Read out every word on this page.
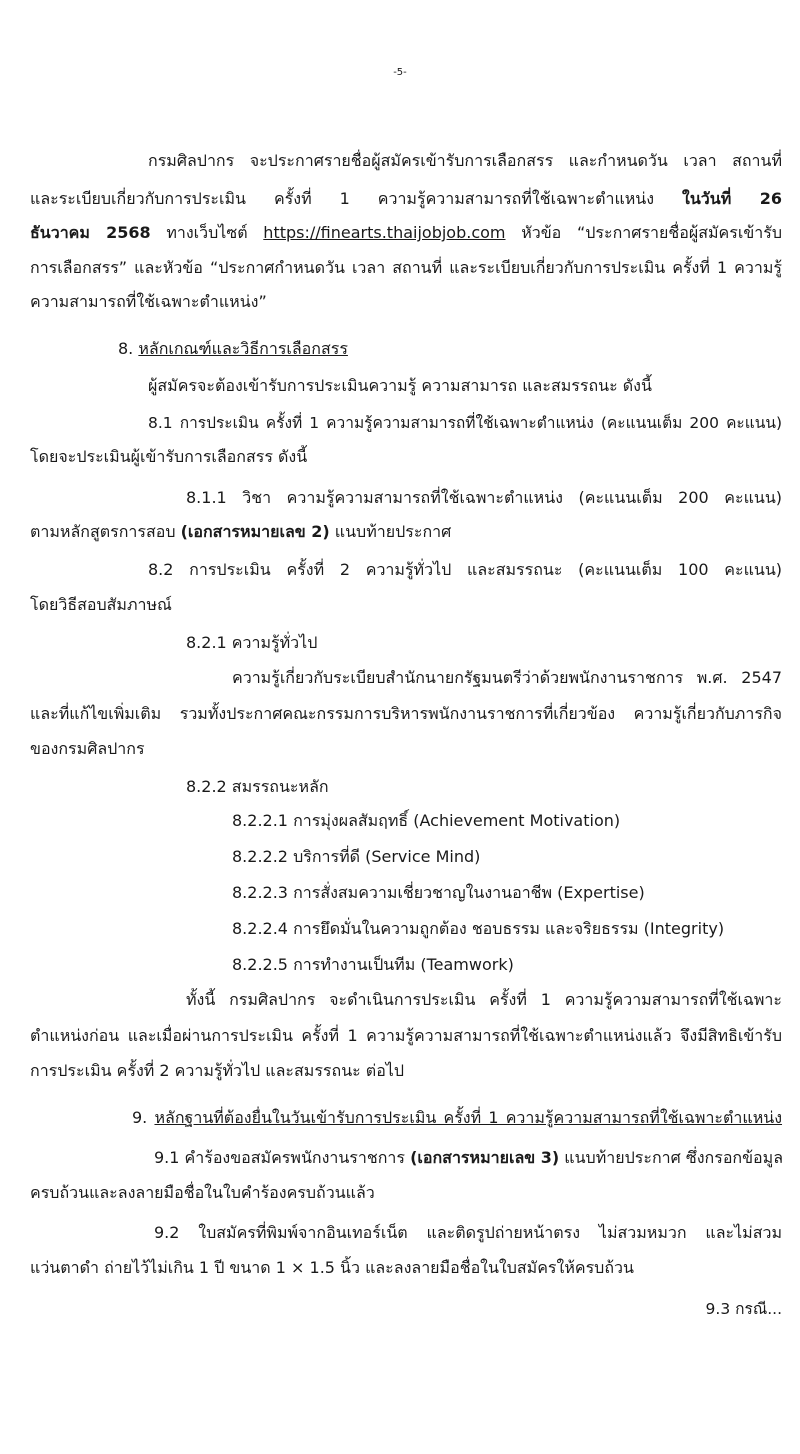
-5-
กรมศิลปากร จะประกาศรายชื่อผู้สมัครเข้ารับการเลือกสรร และกำหนดวัน เวลา สถานที่
และระเบียบเกี่ยวกับการประเมิน ครั้งที่ 1 ความรู้ความสามารถที่ใช้เฉพาะตำแหน่ง ในวันที่ 26
ธันวาคม 2568 ทางเว็บไซต์ https://finearts.thaijobjob.com หัวข้อ “ประกาศรายชื่อผู้สมัครเข้ารับ
การเลือกสรร” และหัวข้อ “ประกาศกำหนดวัน เวลา สถานที่ และระเบียบเกี่ยวกับการประเมิน ครั้งที่ 1 ความรู้
ความสามารถที่ใช้เฉพาะตำแหน่ง”
8. หลักเกณฑ์และวิธีการเลือกสรร
ผู้สมัครจะต้องเข้ารับการประเมินความรู้ ความสามารถ และสมรรถนะ ดังนี้
8.1 การประเมิน ครั้งที่ 1 ความรู้ความสามารถที่ใช้เฉพาะตำแหน่ง (คะแนนเต็ม 200 คะแนน)
โดยจะประเมินผู้เข้ารับการเลือกสรร ดังนี้
8.1.1 วิชา ความรู้ความสามารถที่ใช้เฉพาะตำแหน่ง (คะแนนเต็ม 200 คะแนน)
ตามหลักสูตรการสอบ (เอกสารหมายเลข 2) แนบท้ายประกาศ
8.2 การประเมิน ครั้งที่ 2 ความรู้ทั่วไป และสมรรถนะ (คะแนนเต็ม 100 คะแนน)
โดยวิธีสอบสัมภาษณ์
8.2.1 ความรู้ทั่วไป
ความรู้เกี่ยวกับระเบียบสำนักนายกรัฐมนตรีว่าด้วยพนักงานราชการ พ.ศ. 2547
และที่แก้ไขเพิ่มเติม รวมทั้งประกาศคณะกรรมการบริหารพนักงานราชการที่เกี่ยวข้อง ความรู้เกี่ยวกับภารกิจ
ของกรมศิลปากร
8.2.2 สมรรถนะหลัก
8.2.2.1 การมุ่งผลสัมฤทธิ์ (Achievement Motivation)
8.2.2.2 บริการที่ดี (Service Mind)
8.2.2.3 การสั่งสมความเชี่ยวชาญในงานอาชีพ (Expertise)
8.2.2.4 การยึดมั่นในความถูกต้อง ชอบธรรม และจริยธรรม (Integrity)
8.2.2.5 การทำงานเป็นทีม (Teamwork)
ทั้งนี้ กรมศิลปากร จะดำเนินการประเมิน ครั้งที่ 1 ความรู้ความสามารถที่ใช้เฉพาะ
ตำแหน่งก่อน และเมื่อผ่านการประเมิน ครั้งที่ 1 ความรู้ความสามารถที่ใช้เฉพาะตำแหน่งแล้ว จึงมีสิทธิเข้ารับ
การประเมิน ครั้งที่ 2 ความรู้ทั่วไป และสมรรถนะ ต่อไป
9. หลักฐานที่ต้องยื่นในวันเข้ารับการประเมิน ครั้งที่ 1 ความรู้ความสามารถที่ใช้เฉพาะตำแหน่ง
9.1 คำร้องขอสมัครพนักงานราชการ (เอกสารหมายเลข 3) แนบท้ายประกาศ ซึ่งกรอกข้อมูล
ครบถ้วนและลงลายมือชื่อในใบคำร้องครบถ้วนแล้ว
9.2 ใบสมัครที่พิมพ์จากอินเทอร์เน็ต และติดรูปถ่ายหน้าตรง ไม่สวมหมวก และไม่สวม
แว่นตาดำ ถ่ายไว้ไม่เกิน 1 ปี ขนาด 1 × 1.5 นิ้ว และลงลายมือชื่อในใบสมัครให้ครบถ้วน
9.3 กรณี...
